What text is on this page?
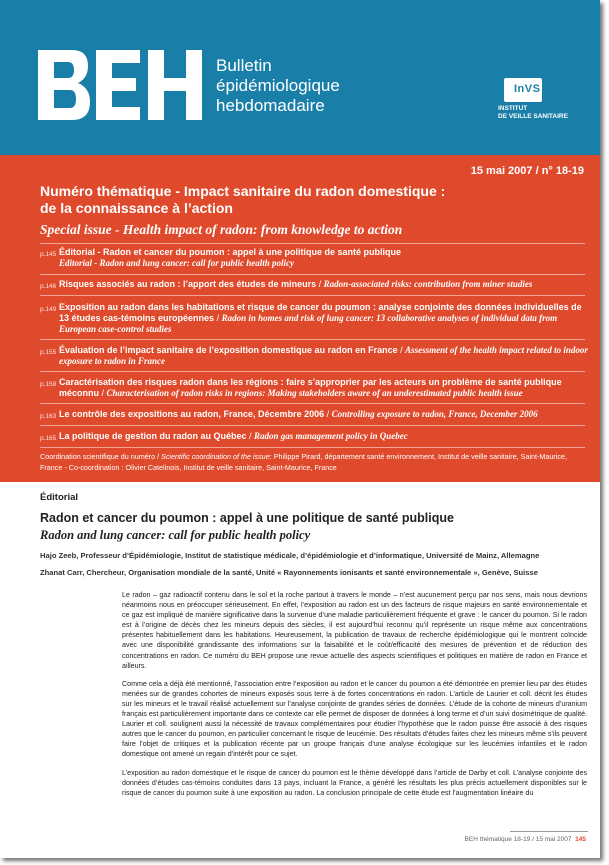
Bulletin
épidémiologique
hebdomadaire
InVS
INSTITUT
DE VEILLE SANITAIRE
15 mai 2007 / n° 18-19
Numéro thématique - Impact sanitaire du radon domestique :
de la connaissance à l’action
Special issue - Health impact of radon: from knowledge to action
p.145 Éditorial - Radon et cancer du poumon : appel à une politique de santé publique
Editorial - Radon and lung cancer: call for public health policy
p.146 Risques associés au radon : l’apport des études de mineurs / Radon-associated risks: contribution from miner studies
p.149 Exposition au radon dans les habitations et risque de cancer du poumon : analyse conjointe des données individuelles de 13 études cas-témoins européennes / Radon in homes and risk of lung cancer: 13 collaborative analyses of individual data from European case-control studies
p.155 Évaluation de l’impact sanitaire de l’exposition domestique au radon en France / Assessment of the health impact related to indoor exposure to radon in France
p.158 Caractérisation des risques radon dans les régions : faire s’approprier par les acteurs un problème de santé publique méconnu / Characterisation of radon risks in regions: Making stakeholders aware of an underestimated public health issue
p.163 Le contrôle des expositions au radon, France, Décembre 2006 / Controlling exposure to radon, France, December 2006
p.165 La politique de gestion du radon au Québec / Radon gas management policy in Quebec
Coordination scientifique du numéro / Scientific coordination of the issue: Philippe Pirard, département santé environnement, Institut de veille sanitaire, Saint-Maurice, France - Co-coordination : Olivier Catelinois, Institut de veille sanitaire, Saint-Maurice, France
Éditorial
Radon et cancer du poumon : appel à une politique de santé publique
Radon and lung cancer: call for public health policy
Hajo Zeeb, Professeur d’Épidémiologie, Institut de statistique médicale, d’épidémiologie et d’informatique, Université de Mainz, Allemagne
Zhanat Carr, Chercheur, Organisation mondiale de la santé, Unité « Rayonnements ionisants et santé environnementale », Genève, Suisse

Le radon – gaz radioactif contenu dans le sol et la roche partout à travers le monde – n’est aucunement perçu par nos sens, mais nous devrions néanmoins nous en préoccuper sérieusement. En effet, l’exposition au radon est un des facteurs de risque majeurs en santé environnementale et ce gaz est impliqué de manière significative dans la survenue d’une maladie particulièrement fréquente et grave : le cancer du poumon. Si le radon est à l’origine de décès chez les mineurs depuis des siècles, il est aujourd’hui reconnu qu’il représente un risque même aux concentrations présentes habituellement dans les habitations. Heureusement, la publication de travaux de recherche épidémiologique qui le montrent coïncide avec une disponibilité grandissante des informations sur la faisabilité et le coût/efficacité des mesures de prévention et de réduction des concentrations en radon. Ce numéro du BEH propose une revue actuelle des aspects scientifiques et politiques en matière de radon en France et ailleurs.

Comme cela a déjà été mentionné, l’association entre l’exposition au radon et le cancer du poumon a été démontrée en premier lieu par des études menées sur de grandes cohortes de mineurs exposés sous terre à de fortes concentrations en radon. L’article de Laurier et coll. décrit les études sur les mineurs et le travail réalisé actuellement sur l’analyse conjointe de grandes séries de données. L’étude de la cohorte de mineurs d’uranium français est particulièrement importante dans ce contexte car elle permet de disposer de données à long terme et d’un suivi dosimétrique de qualité. Laurier et coll. soulignent aussi la nécessité de travaux complémentaires pour étudier l’hypothèse que le radon puisse être associé à des risques autres que le cancer du poumon, en particulier concernant le risque de leucémie. Des résultats d’études faites chez les mineurs même s’ils peuvent faire l’objet de critiques et la publication récente par un groupe français d’une analyse écologique sur les leucémies infantiles et le radon domestique ont amené un regain d’intérêt pour ce sujet.

L’exposition au radon domestique et le risque de cancer du poumon est le thème développé dans l’article de Darby et coll. L’analyse conjointe des données d’études cas-témoins conduites dans 13 pays, incluant la France, a généré les résultats les plus précis actuellement disponibles sur le risque de cancer du poumon suite à une exposition au radon. La conclusion principale de cette étude est l’augmentation linéaire du

BEH thématique 18-19 / 15 mai 2007 145
